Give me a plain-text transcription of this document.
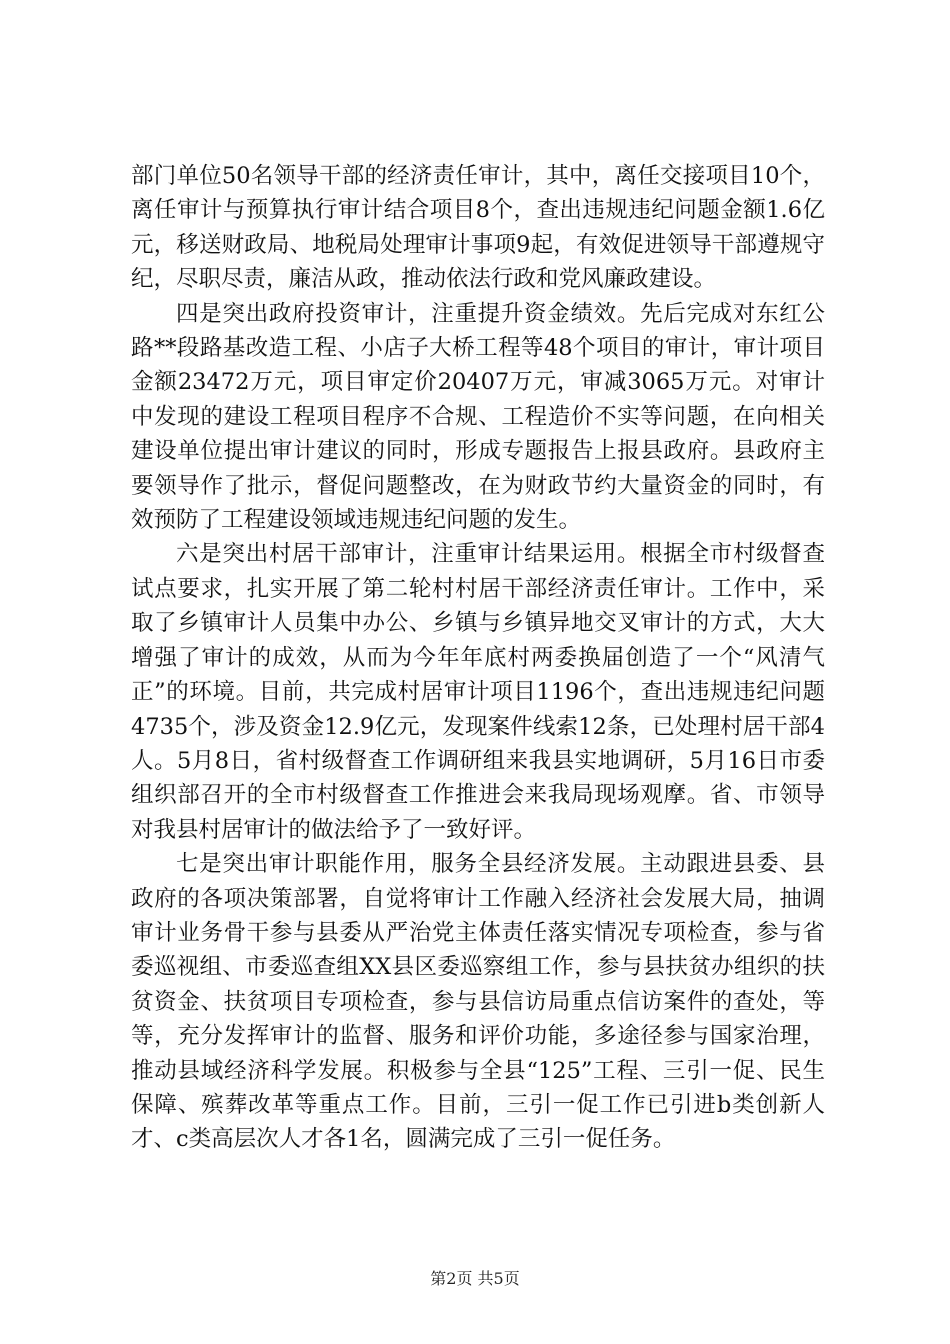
部门单位50名领导干部的经济责任审计，其中，离任交接项目10个，离任审计与预算执行审计结合项目8个，查出违规违纪问题金额1.6亿元，移送财政局、地税局处理审计事项9起，有效促进领导干部遵规守纪，尽职尽责，廉洁从政，推动依法行政和党风廉政建设。

四是突出政府投资审计，注重提升资金绩效。先后完成对东红公路**段路基改造工程、小店子大桥工程等48个项目的审计，审计项目金额23472万元，项目审定价20407万元，审减3065万元。对审计中发现的建设工程项目程序不合规、工程造价不实等问题，在向相关建设单位提出审计建议的同时，形成专题报告上报县政府。县政府主要领导作了批示，督促问题整改，在为财政节约大量资金的同时，有效预防了工程建设领域违规违纪问题的发生。

六是突出村居干部审计，注重审计结果运用。根据全市村级督查试点要求，扎实开展了第二轮村村居干部经济责任审计。工作中，采取了乡镇审计人员集中办公、乡镇与乡镇异地交叉审计的方式，大大增强了审计的成效，从而为今年年底村两委换届创造了一个“风清气正”的环境。目前，共完成村居审计项目1196个，查出违规违纪问题4735个，涉及资金12.9亿元，发现案件线索12条，已处理村居干部4人。5月8日，省村级督查工作调研组来我县实地调研，5月16日市委组织部召开的全市村级督查工作推进会来我局现场观摩。省、市领导对我县村居审计的做法给予了一致好评。

七是突出审计职能作用，服务全县经济发展。主动跟进县委、县政府的各项决策部署，自觉将审计工作融入经济社会发展大局，抽调审计业务骨干参与县委从严治党主体责任落实情况专项检查，参与省委巡视组、市委巡查组XX县区委巡察组工作，参与县扶贫办组织的扶贫资金、扶贫项目专项检查，参与县信访局重点信访案件的查处，等等，充分发挥审计的监督、服务和评价功能，多途径参与国家治理，推动县域经济科学发展。积极参与全县“125”工程、三引一促、民生保障、殡葬改革等重点工作。目前，三引一促工作已引进b类创新人才、c类高层次人才各1名，圆满完成了三引一促任务。

第2页 共5页
